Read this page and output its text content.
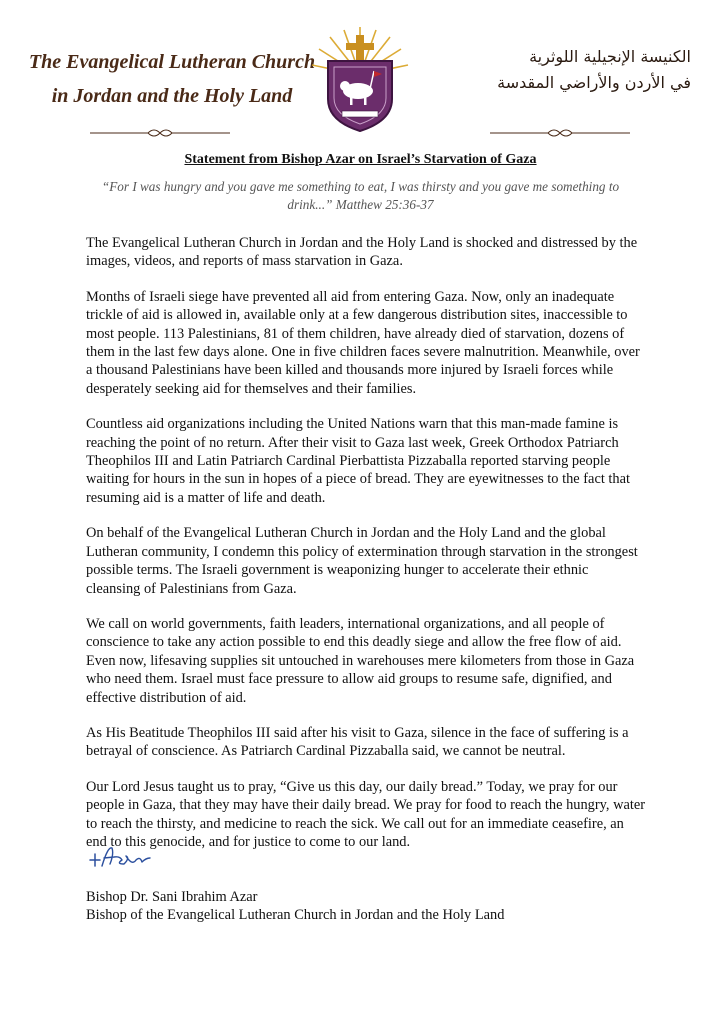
The Evangelical Lutheran Church
in Jordan and the Holy Land
الكنيسة الإنجيلية اللوثرية
في الأردن والأراضي المقدسة
Statement from Bishop Azar on Israel’s Starvation of Gaza
“For I was hungry and you gave me something to eat, I was thirsty and you gave me something to drink...” Matthew 25:36-37

The Evangelical Lutheran Church in Jordan and the Holy Land is shocked and distressed by the images, videos, and reports of mass starvation in Gaza.

Months of Israeli siege have prevented all aid from entering Gaza. Now, only an inadequate trickle of aid is allowed in, available only at a few dangerous distribution sites, inaccessible to most people. 113 Palestinians, 81 of them children, have already died of starvation, dozens of them in the last few days alone. One in five children faces severe malnutrition. Meanwhile, over a thousand Palestinians have been killed and thousands more injured by Israeli forces while desperately seeking aid for themselves and their families.

Countless aid organizations including the United Nations warn that this man-made famine is reaching the point of no return. After their visit to Gaza last week, Greek Orthodox Patriarch Theophilos III and Latin Patriarch Cardinal Pierbattista Pizzaballa reported starving people waiting for hours in the sun in hopes of a piece of bread. They are eyewitnesses to the fact that resuming aid is a matter of life and death.

On behalf of the Evangelical Lutheran Church in Jordan and the Holy Land and the global Lutheran community, I condemn this policy of extermination through starvation in the strongest possible terms. The Israeli government is weaponizing hunger to accelerate their ethnic cleansing of Palestinians from Gaza.

We call on world governments, faith leaders, international organizations, and all people of conscience to take any action possible to end this deadly siege and allow the free flow of aid. Even now, lifesaving supplies sit untouched in warehouses mere kilometers from those in Gaza who need them. Israel must face pressure to allow aid groups to resume safe, dignified, and effective distribution of aid.

As His Beatitude Theophilos III said after his visit to Gaza, silence in the face of suffering is a betrayal of conscience. As Patriarch Cardinal Pizzaballa said, we cannot be neutral.

Our Lord Jesus taught us to pray, “Give us this day, our daily bread.” Today, we pray for our people in Gaza, that they may have their daily bread. We pray for food to reach the hungry, water to reach the thirsty, and medicine to reach the sick. We call out for an immediate ceasefire, an end to this genocide, and for justice to come to our land.

Bishop Dr. Sani Ibrahim Azar
Bishop of the Evangelical Lutheran Church in Jordan and the Holy Land
